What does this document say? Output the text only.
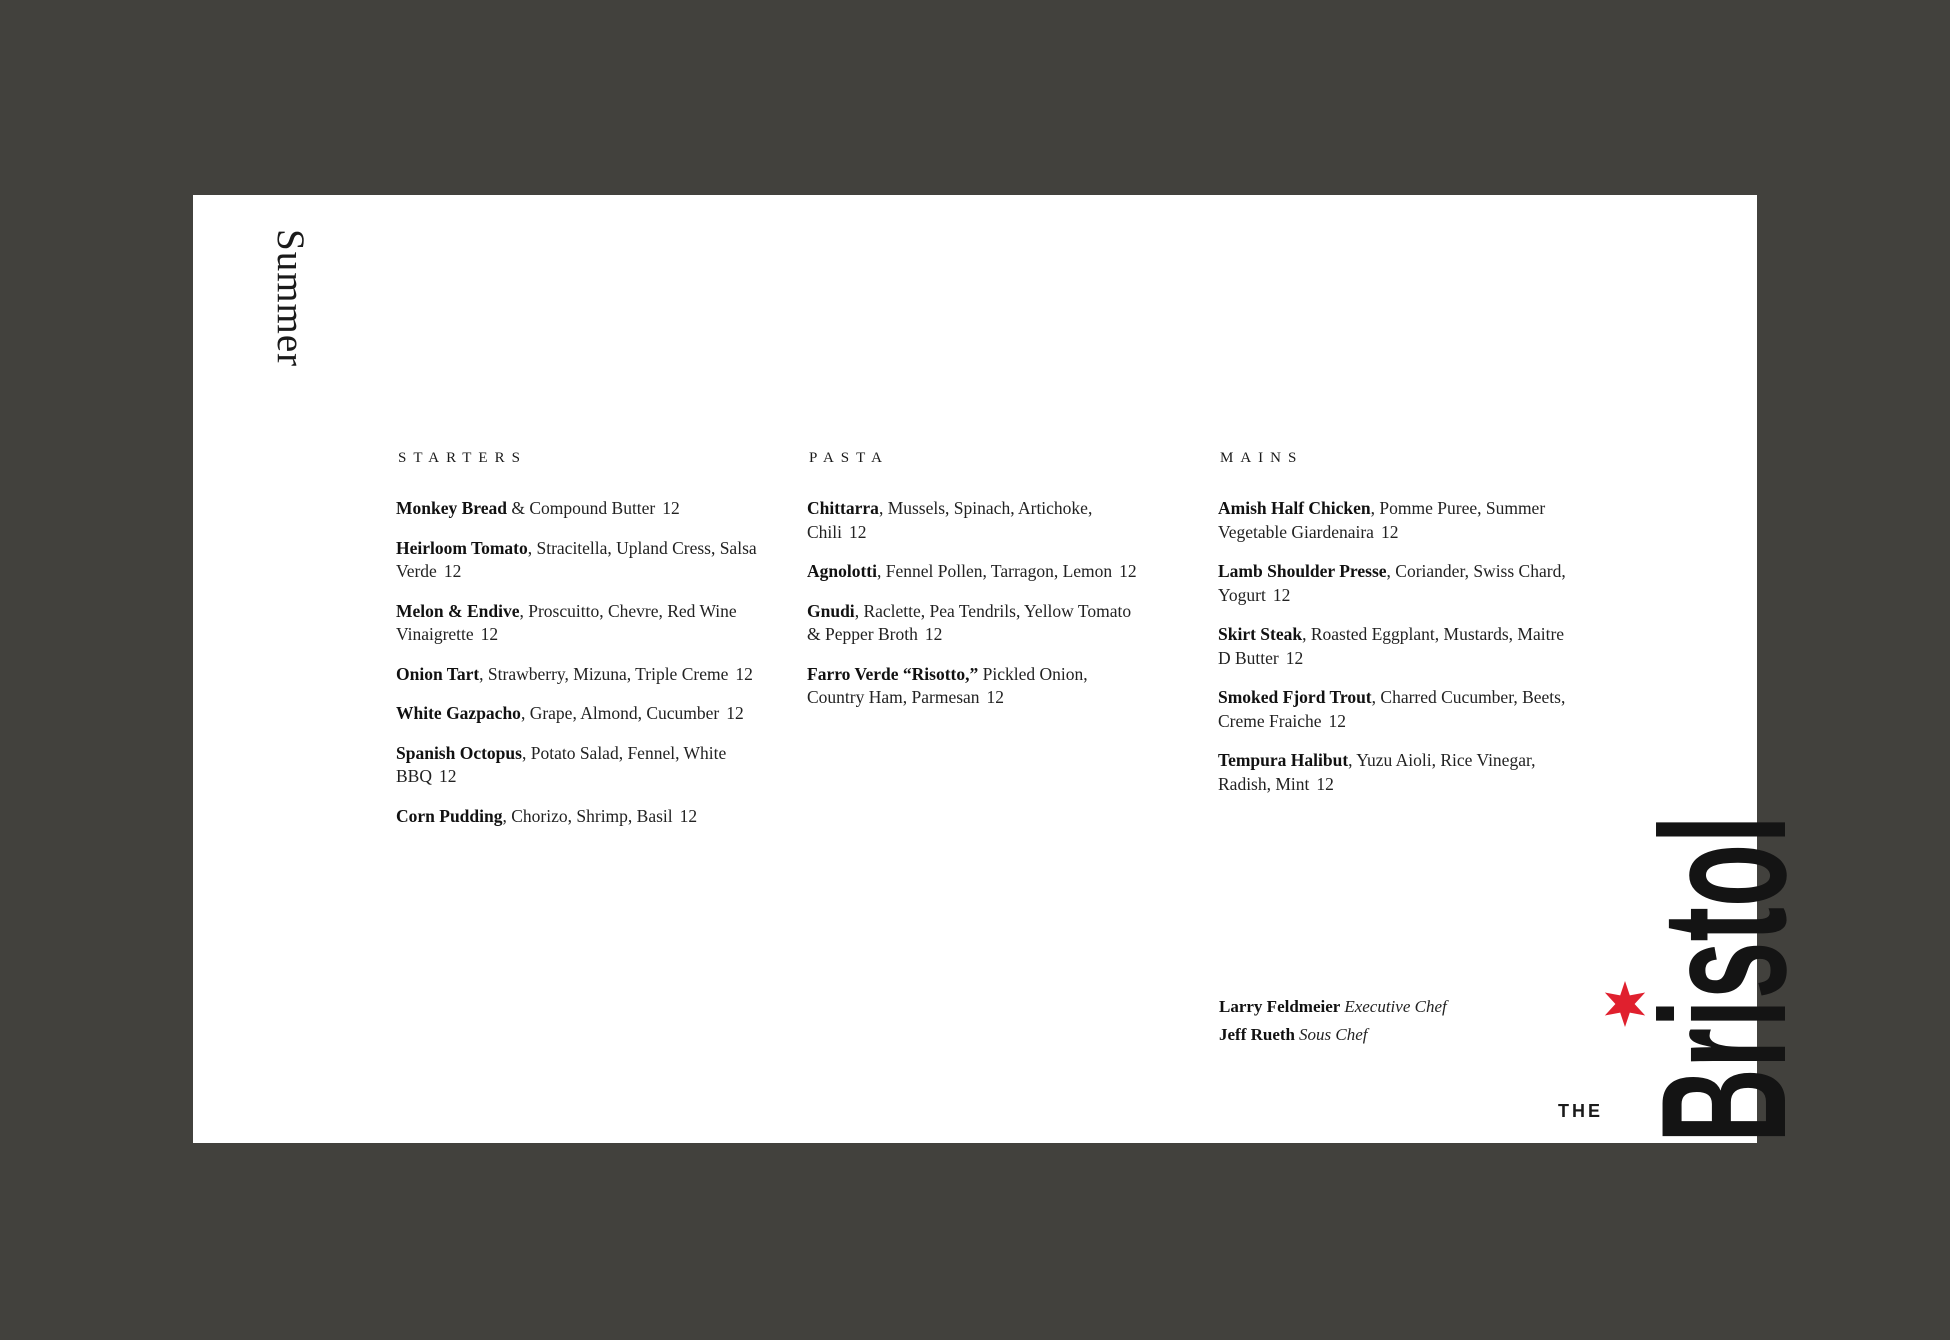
Summer
STARTERS
Monkey Bread & Compound Butter 12
Heirloom Tomato, Stracitella, Upland Cress, Salsa Verde 12
Melon & Endive, Proscuitto, Chevre, Red Wine Vinaigrette 12
Onion Tart, Strawberry, Mizuna, Triple Creme 12
White Gazpacho, Grape, Almond, Cucumber 12
Spanish Octopus, Potato Salad, Fennel, White BBQ 12
Corn Pudding, Chorizo, Shrimp, Basil 12
PASTA
Chittarra, Mussels, Spinach, Artichoke, Chili 12
Agnolotti, Fennel Pollen, Tarragon, Lemon 12
Gnudi, Raclette, Pea Tendrils, Yellow Tomato & Pepper Broth 12
Farro Verde “Risotto,” Pickled Onion, Country Ham, Parmesan 12
MAINS
Amish Half Chicken, Pomme Puree, Summer Vegetable Giardenaira 12
Lamb Shoulder Presse, Coriander, Swiss Chard, Yogurt 12
Skirt Steak, Roasted Eggplant, Mustards, Maitre D Butter 12
Smoked Fjord Trout, Charred Cucumber, Beets, Creme Fraiche 12
Tempura Halibut, Yuzu Aioli, Rice Vinegar, Radish, Mint 12
Larry Feldmeier Executive Chef
Jeff Rueth Sous Chef
THE Bristol
